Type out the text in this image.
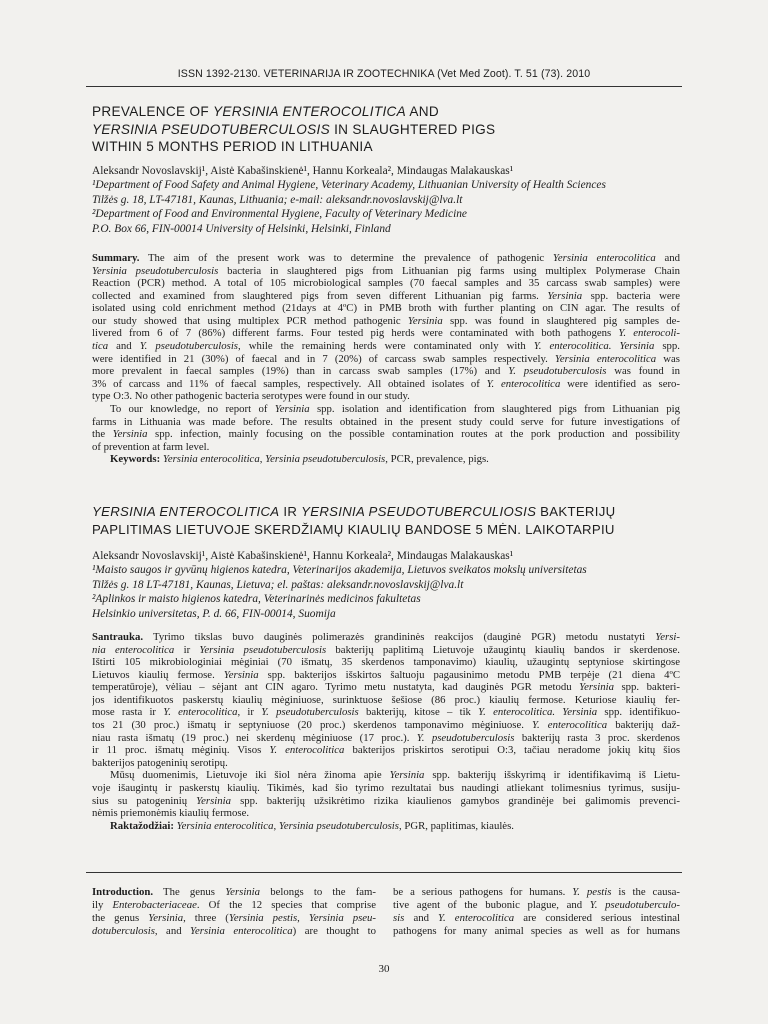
ISSN 1392-2130. VETERINARIJA IR ZOOTECHNIKA (Vet Med Zoot). T. 51 (73). 2010
PREVALENCE OF YERSINIA ENTEROCOLITICA AND
YERSINIA PSEUDOTUBERCULOSIS IN SLAUGHTERED PIGS
WITHIN 5 MONTHS PERIOD IN LITHUANIA
Aleksandr Novoslavskij¹, Aistė Kabašinskienė¹, Hannu Korkeala², Mindaugas Malakauskas¹
¹Department of Food Safety and Animal Hygiene, Veterinary Academy, Lithuanian University of Health Sciences
Tilžės g. 18, LT-47181, Kaunas, Lithuania; e-mail: aleksandr.novoslavskij@lva.lt
²Department of Food and Environmental Hygiene, Faculty of Veterinary Medicine
P.O. Box 66, FIN-00014 University of Helsinki, Helsinki, Finland
Summary. The aim of the present work was to determine the prevalence of pathogenic Yersinia enterocolitica and
Yersinia pseudotuberculosis bacteria in slaughtered pigs from Lithuanian pig farms using multiplex Polymerase Chain
Reaction (PCR) method. A total of 105 microbiological samples (70 faecal samples and 35 carcass swab samples) were
collected and examined from slaughtered pigs from seven different Lithuanian pig farms. Yersinia spp. bacteria were
isolated using cold enrichment method (21days at 4ºC) in PMB broth with further planting on CIN agar. The results of
our study showed that using multiplex PCR method pathogenic Yersinia spp. was found in slaughtered pig samples de-
livered from 6 of 7 (86%) different farms. Four tested pig herds were contaminated with both pathogens Y. enterocoli-
tica and Y. pseudotuberculosis, while the remaining herds were contaminated only with Y. enterocolitica. Yersinia spp.
were identified in 21 (30%) of faecal and in 7 (20%) of carcass swab samples respectively. Yersinia enterocolitica was
more prevalent in faecal samples (19%) than in carcass swab samples (17%) and Y. pseudotuberculosis was found in
3% of carcass and 11% of faecal samples, respectively. All obtained isolates of Y. enterocolitica were identified as sero-
type O:3. No other pathogenic bacteria serotypes were found in our study.
To our knowledge, no report of Yersinia spp. isolation and identification from slaughtered pigs from Lithuanian pig
farms in Lithuania was made before. The results obtained in the present study could serve for future investigations of
the Yersinia spp. infection, mainly focusing on the possible contamination routes at the pork production and possibility
of prevention at farm level.
Keywords: Yersinia enterocolitica, Yersinia pseudotuberculosis, PCR, prevalence, pigs.
YERSINIA ENTEROCOLITICA IR YERSINIA PSEUDOTUBERCULIOSIS BAKTERIJŲ
PAPLITIMAS LIETUVOJE SKERDŽIAMŲ KIAULIŲ BANDOSE 5 MĖN. LAIKOTARPIU
Aleksandr Novoslavskij¹, Aistė Kabašinskienė¹, Hannu Korkeala², Mindaugas Malakauskas¹
¹Maisto saugos ir gyvūnų higienos katedra, Veterinarijos akademija, Lietuvos sveikatos mokslų universitetas
Tilžės g. 18 LT-47181, Kaunas, Lietuva; el. paštas: aleksandr.novoslavskij@lva.lt
²Aplinkos ir maisto higienos katedra, Veterinarinės medicinos fakultetas
Helsinkio universitetas, P. d. 66, FIN-00014, Suomija
Santrauka. Tyrimo tikslas buvo dauginės polimerazės grandininės reakcijos (dauginė PGR) metodu nustatyti Yersi-
nia enterocolitica ir Yersinia pseudotuberculosis bakterijų paplitimą Lietuvoje užaugintų kiaulių bandos ir skerdenose.
Ištirti 105 mikrobiologiniai mėginiai (70 išmatų, 35 skerdenos tamponavimo) kiaulių, užaugintų septyniose skirtingose
Lietuvos kiaulių fermose. Yersinia spp. bakterijos išskirtos šaltuoju pagausinimo metodu PMB terpėje (21 diena 4ºC
temperatūroje), vėliau – sėjant ant CIN agaro. Tyrimo metu nustatyta, kad dauginės PGR metodu Yersinia spp. bakteri-
jos identifikuotos paskerstų kiaulių mėginiuose, surinktuose šešiose (86 proc.) kiaulių fermose. Keturiose kiaulių fer-
mose rasta ir Y. enterocolitica, ir Y. pseudotuberculosis bakterijų, kitose – tik Y. enterocolitica. Yersinia spp. identifikuo-
tos 21 (30 proc.) išmatų ir septyniuose (20 proc.) skerdenos tamponavimo mėginiuose. Y. enterocolitica bakterijų daž-
niau rasta išmatų (19 proc.) nei skerdenų mėginiuose (17 proc.). Y. pseudotuberculosis bakterijų rasta 3 proc. skerdenos
ir 11 proc. išmatų mėginių. Visos Y. enterocolitica bakterijos priskirtos serotipui O:3, tačiau neradome jokių kitų šios
bakterijos patogeninių serotipų.
Mūsų duomenimis, Lietuvoje iki šiol nėra žinoma apie Yersinia spp. bakterijų išskyrimą ir identifikavimą iš Lietu-
voje išaugintų ir paskerstų kiaulių. Tikimės, kad šio tyrimo rezultatai bus naudingi atliekant tolimesnius tyrimus, susiju-
sius su patogeninių Yersinia spp. bakterijų užsikrėtimo rizika kiaulienos gamybos grandinėje bei galimomis prevenci-
nėmis priemonėmis kiaulių fermose.
Raktažodžiai: Yersinia enterocolitica, Yersinia pseudotuberculosis, PGR, paplitimas, kiaulės.
Introduction. The genus Yersinia belongs to the fam-
ily Enterobacteriaceae. Of the 12 species that comprise
the genus Yersinia, three (Yersinia pestis, Yersinia pseu-
dotuberculosis, and Yersinia enterocolitica) are thought to
be a serious pathogens for humans. Y. pestis is the causa-
tive agent of the bubonic plague, and Y. pseudotuberculo-
sis and Y. enterocolitica are considered serious intestinal
pathogens for many animal species as well as for humans
30
